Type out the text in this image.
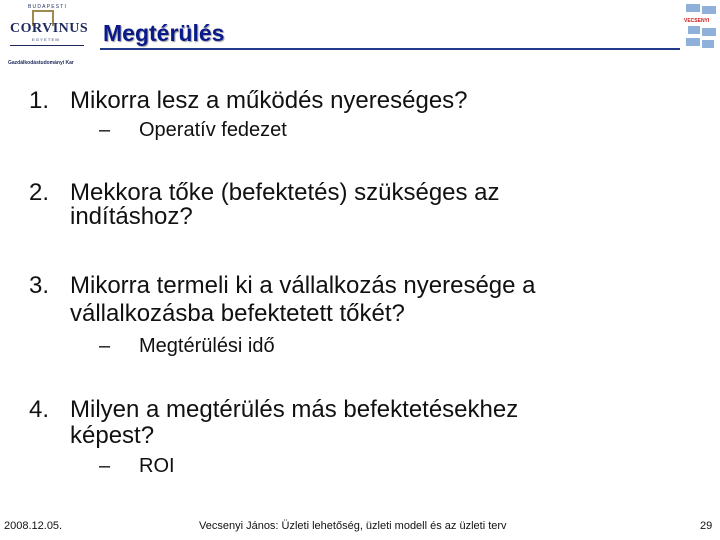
BUDAPESTI
CORVINUS
EGYETEM
Gazdálkodástudományi Kar
Megtérülés	VECSENYI
1. Mikorra lesz a működés nyereséges?
– Operatív fedezet
2. Mekkora tőke (befektetés) szükséges az
indításhoz?
3. Mikorra termeli ki a vállalkozás nyeresége a
vállalkozásba befektetett tőkét?
– Megtérülési idő
4. Milyen a megtérülés más befektetésekhez
képest?
– ROI
2008.12.05.	Vecsenyi János: Üzleti lehetőség, üzleti modell és az üzleti terv	29
